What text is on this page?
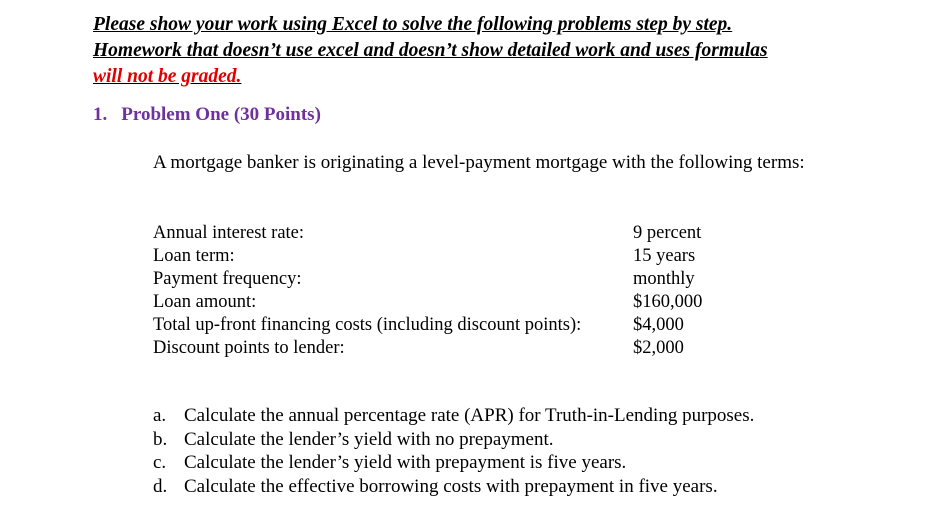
Please show your work using Excel to solve the following problems step by step.
Homework that doesn’t use excel and doesn’t show detailed work and uses formulas
will not be graded.
1. Problem One (30 Points)
A mortgage banker is originating a level-payment mortgage with the following terms:
Annual interest rate:	9 percent
Loan term:	15 years
Payment frequency:	monthly
Loan amount:	$160,000
Total up-front financing costs (including discount points):	$4,000
Discount points to lender:	$2,000
a. Calculate the annual percentage rate (APR) for Truth-in-Lending purposes.
b. Calculate the lender’s yield with no prepayment.
c. Calculate the lender’s yield with prepayment is five years.
d. Calculate the effective borrowing costs with prepayment in five years.
